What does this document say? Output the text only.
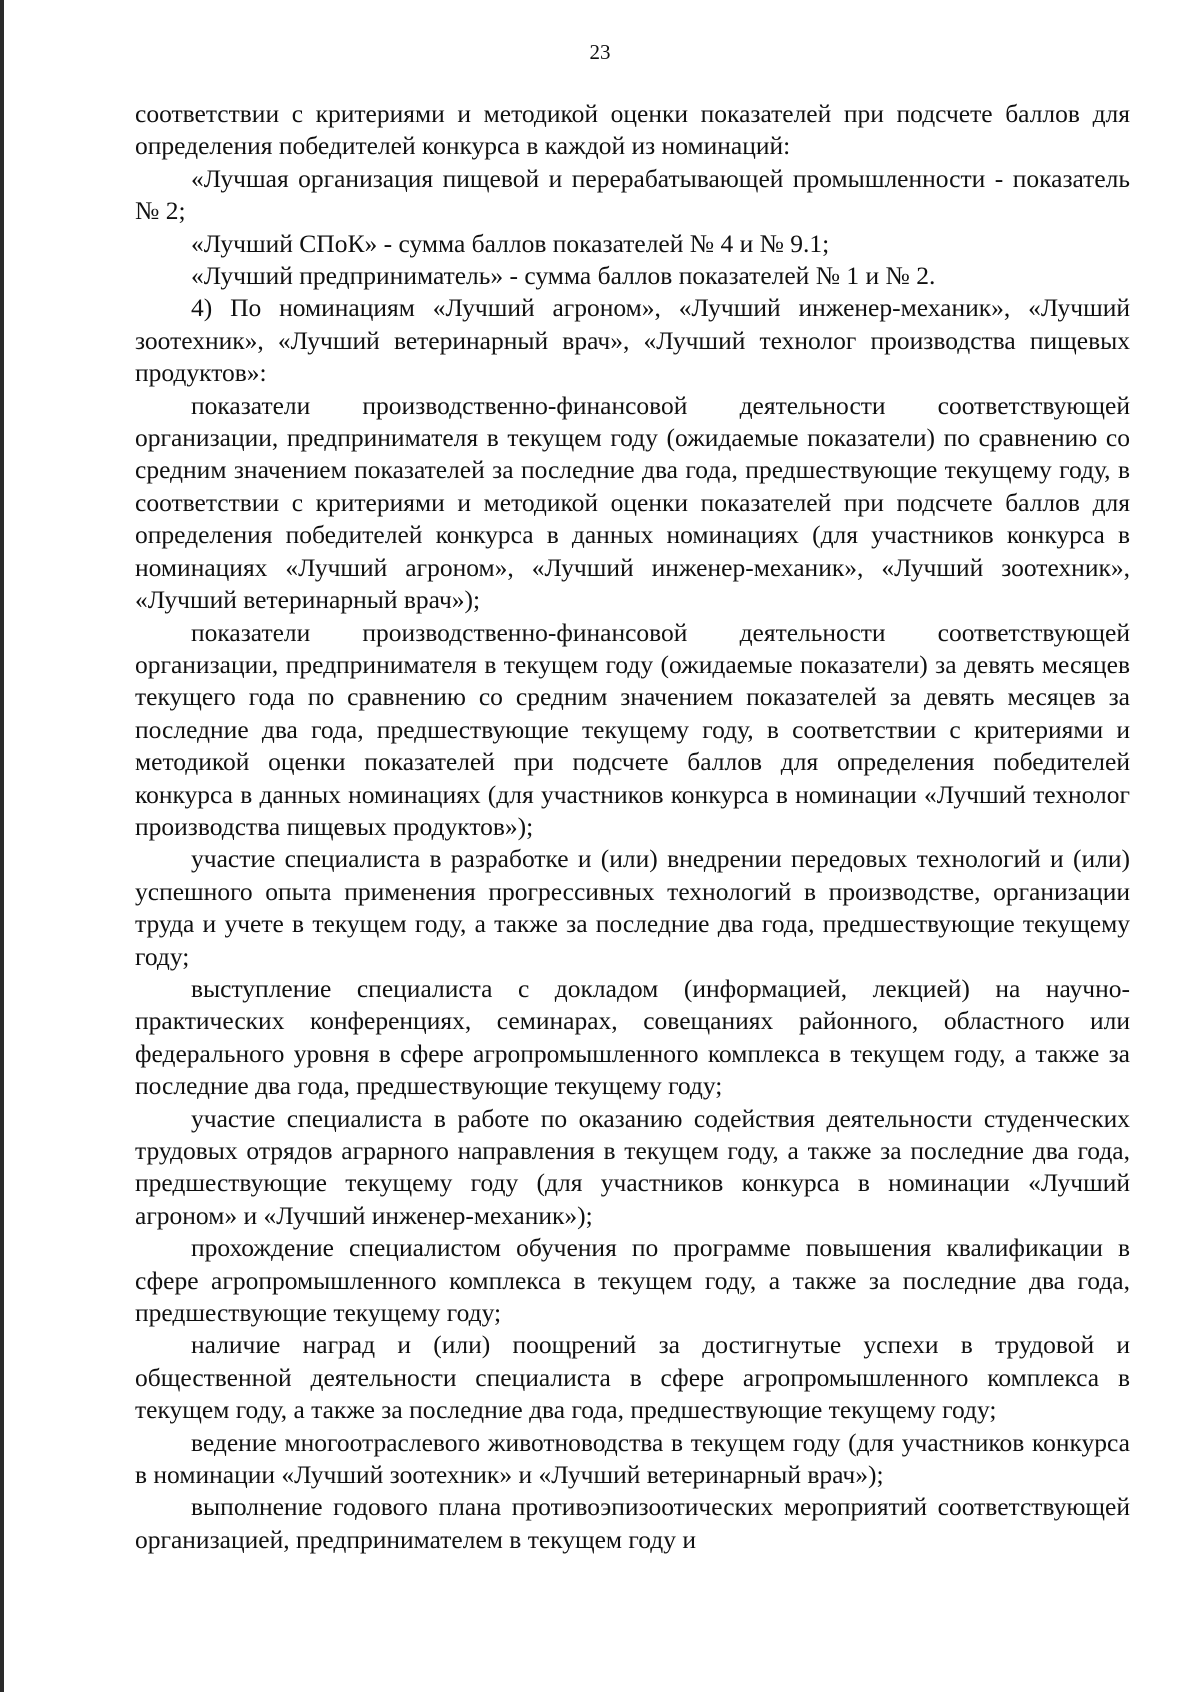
23

соответствии с критериями и методикой оценки показателей при подсчете баллов для определения победителей конкурса в каждой из номинаций:

«Лучшая организация пищевой и перерабатывающей промышленности - показатель № 2;

«Лучший СПоК» - сумма баллов показателей № 4 и № 9.1;

«Лучший предприниматель» - сумма баллов показателей № 1 и № 2.

4) По номинациям «Лучший агроном», «Лучший инженер-механик», «Лучший зоотехник», «Лучший ветеринарный врач», «Лучший технолог производства пищевых продуктов»:

показатели производственно-финансовой деятельности соответствующей организации, предпринимателя в текущем году (ожидаемые показатели) по сравнению со средним значением показателей за последние два года, предшествующие текущему году, в соответствии с критериями и методикой оценки показателей при подсчете баллов для определения победителей конкурса в данных номинациях (для участников конкурса в номинациях «Лучший агроном», «Лучший инженер-механик», «Лучший зоотехник», «Лучший ветеринарный врач»);

показатели производственно-финансовой деятельности соответствующей организации, предпринимателя в текущем году (ожидаемые показатели) за девять месяцев текущего года по сравнению со средним значением показателей за девять месяцев за последние два года, предшествующие текущему году, в соответствии с критериями и методикой оценки показателей при подсчете баллов для определения победителей конкурса в данных номинациях (для участников конкурса в номинации «Лучший технолог производства пищевых продуктов»);

участие специалиста в разработке и (или) внедрении передовых технологий и (или) успешного опыта применения прогрессивных технологий в производстве, организации труда и учете в текущем году, а также за последние два года, предшествующие текущему году;

выступление специалиста с докладом (информацией, лекцией) на научно-практических конференциях, семинарах, совещаниях районного, областного или федерального уровня в сфере агропромышленного комплекса в текущем году, а также за последние два года, предшествующие текущему году;

участие специалиста в работе по оказанию содействия деятельности студенческих трудовых отрядов аграрного направления в текущем году, а также за последние два года, предшествующие текущему году (для участников конкурса в номинации «Лучший агроном» и «Лучший инженер-механик»);

прохождение специалистом обучения по программе повышения квалификации в сфере агропромышленного комплекса в текущем году, а также за последние два года, предшествующие текущему году;

наличие наград и (или) поощрений за достигнутые успехи в трудовой и общественной деятельности специалиста в сфере агропромышленного комплекса в текущем году, а также за последние два года, предшествующие текущему году;

ведение многоотраслевого животноводства в текущем году (для участников конкурса в номинации «Лучший зоотехник» и «Лучший ветеринарный врач»);

выполнение годового плана противоэпизоотических мероприятий соответствующей организацией, предпринимателем в текущем году и
